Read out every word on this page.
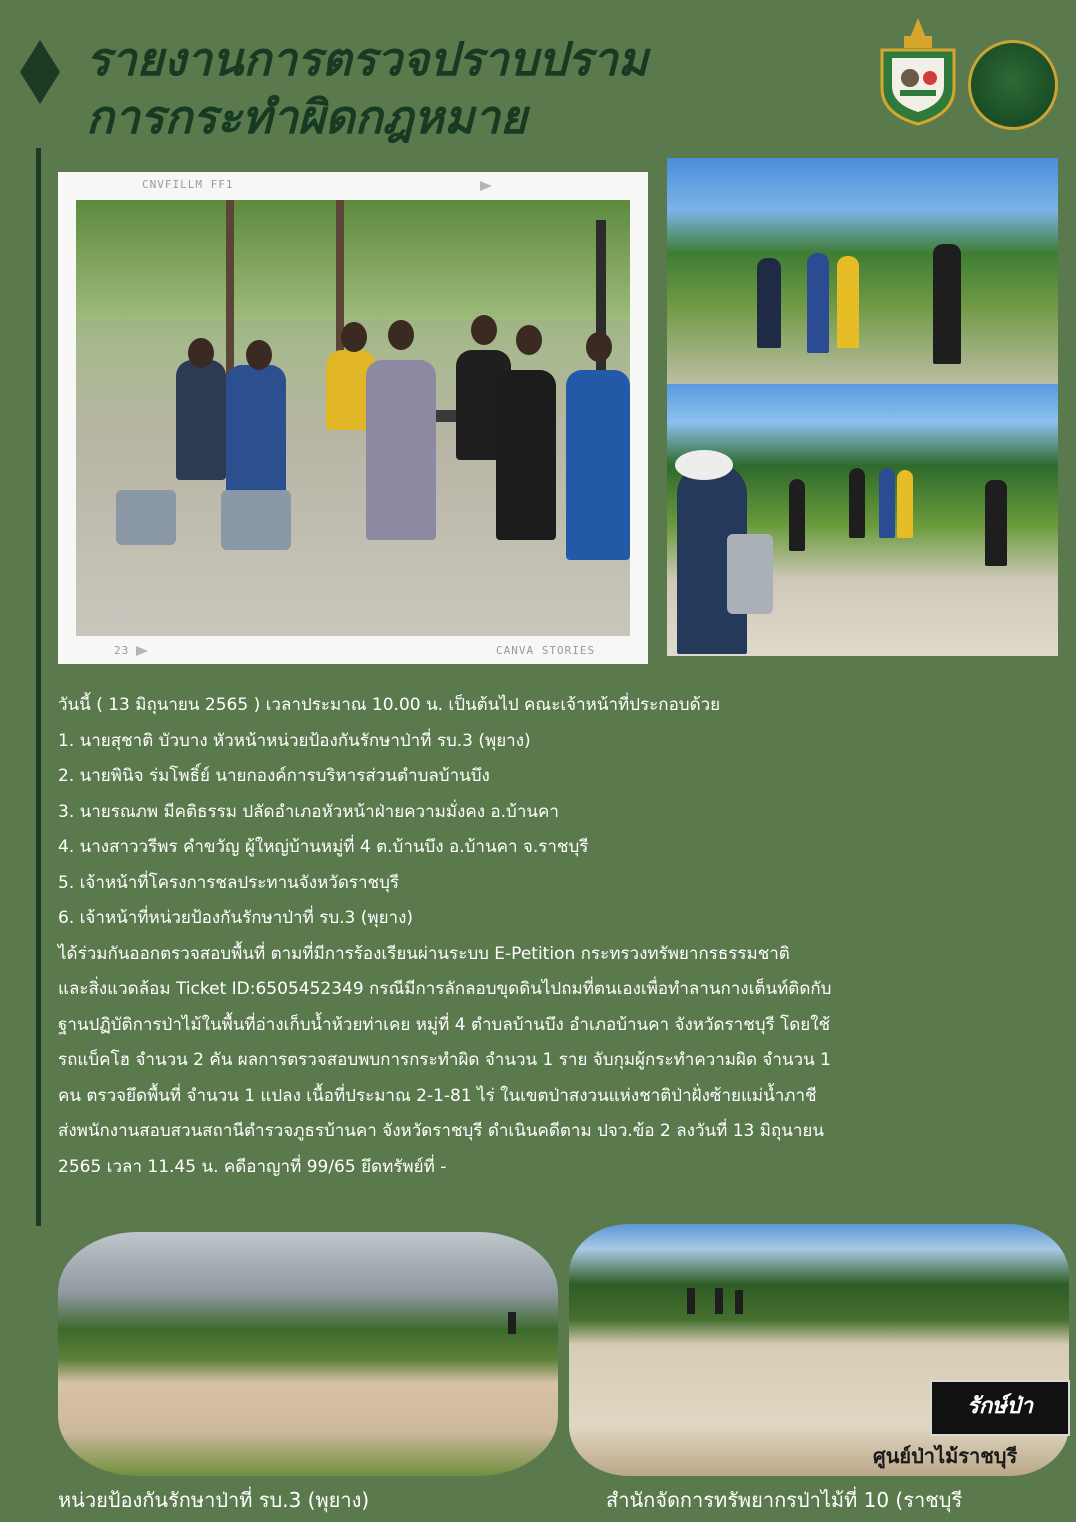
รายงานการตรวจปราบปราม
การกระทำผิดกฎหมาย
CNVFILLM FF1
23	CANVA STORIES

วันนี้ ( 13 มิถุนายน 2565 ) เวลาประมาณ 10.00 น. เป็นต้นไป คณะเจ้าหน้าที่ประกอบด้วย

1. นายสุชาติ บัวบาง หัวหน้าหน่วยป้องกันรักษาป่าที่ รบ.3 (พุยาง)

2. นายพินิจ ร่มโพธิ์ย์ นายกองค์การบริหารส่วนตำบลบ้านบึง

3. นายรณภพ มีคติธรรม ปลัดอำเภอหัวหน้าฝ่ายความมั่งคง อ.บ้านคา

4. นางสาววรีพร คำขวัญ ผู้ใหญ่บ้านหมู่ที่ 4 ต.บ้านบึง อ.บ้านคา จ.ราชบุรี

5. เจ้าหน้าที่โครงการชลประทานจังหวัดราชบุรี

6. เจ้าหน้าที่หน่วยป้องกันรักษาป่าที่ รบ.3 (พุยาง)

ได้ร่วมกันออกตรวจสอบพื้นที่ ตามที่มีการร้องเรียนผ่านระบบ E-Petition กระทรวงทรัพยากรธรรมชาติ

และสิ่งแวดล้อม Ticket ID:6505452349 กรณีมีการลักลอบขุดดินไปถมที่ตนเองเพื่อทำลานกางเต็นท์ติดกับ

ฐานปฏิบัติการป่าไม้ในพื้นที่อ่างเก็บน้ำห้วยท่าเคย หมู่ที่ 4 ตำบลบ้านบึง อำเภอบ้านคา จังหวัดราชบุรี โดยใช้

รถแบ็คโฮ จำนวน 2 คัน ผลการตรวจสอบพบการกระทำผิด จำนวน 1 ราย จับกุมผู้กระทำความผิด จำนวน 1

คน ตรวจยึดพื้นที่ จำนวน 1 แปลง เนื้อที่ประมาณ 2-1-81 ไร่ ในเขตป่าสงวนแห่งชาติป่าฝั่งซ้ายแม่น้ำภาชี

ส่งพนักงานสอบสวนสถานีตำรวจภูธรบ้านคา จังหวัดราชบุรี ดำเนินคดีตาม ปจว.ข้อ 2 ลงวันที่ 13 มิถุนายน

2565 เวลา 11.45 น. คดีอาญาที่ 99/65 ยึดทรัพย์ที่ -

รักษ์ป่า
ศูนย์ป่าไม้ราชบุรี
หน่วยป้องกันรักษาป่าที่ รบ.3 (พุยาง)	สำนักจัดการทรัพยากรป่าไม้ที่ 10 (ราชบุรี
